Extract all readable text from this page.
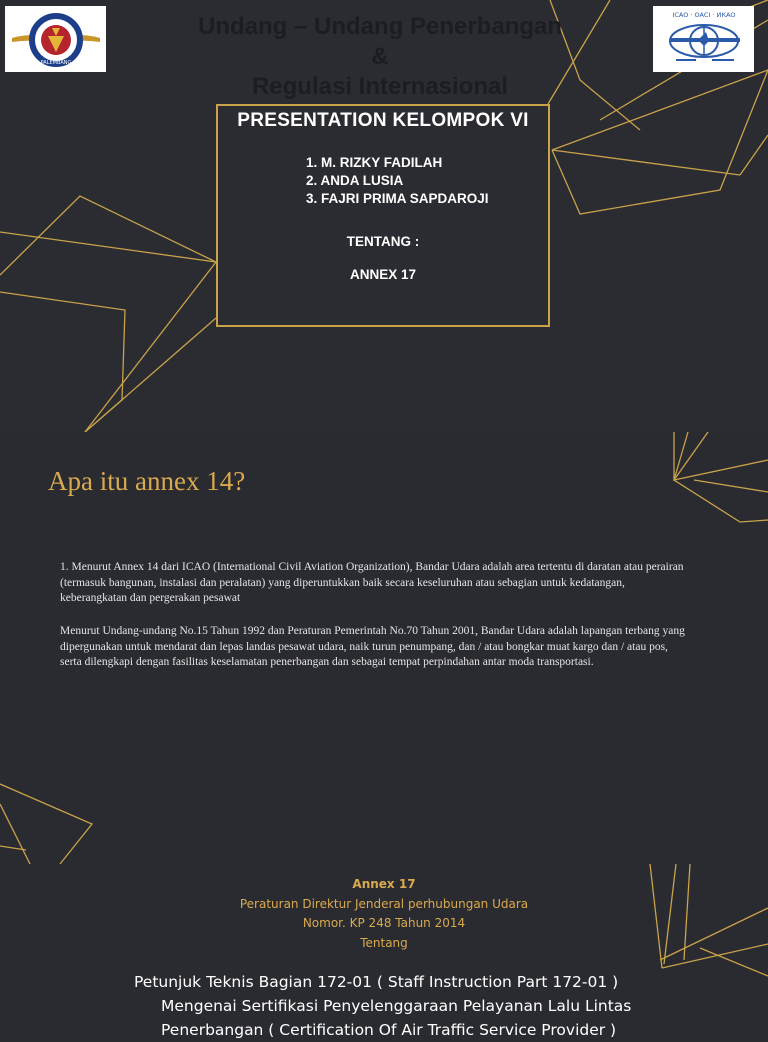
PALEMBANG
ICAO · OACI · ИКАО
Undang – Undang Penerbangan
&
Regulasi Internasional
PRESENTATION KELOMPOK VI
1. M. RIZKY FADILAH
2. ANDA LUSIA
3. FAJRI PRIMA SAPDAROJI
TENTANG :
ANNEX 17
Apa itu annex 14?

1. Menurut Annex 14 dari ICAO (International Civil Aviation Organization), Bandar Udara adalah area tertentu di daratan atau perairan (termasuk bangunan, instalasi dan peralatan) yang diperuntukkan baik secara keseluruhan atau sebagian untuk kedatangan, keberangkatan dan pergerakan pesawat

Menurut Undang-undang No.15 Tahun 1992 dan Peraturan Pemerintah No.70 Tahun 2001, Bandar Udara adalah lapangan terbang yang dipergunakan untuk mendarat dan lepas landas pesawat udara, naik turun penumpang, dan / atau bongkar muat kargo dan / atau pos, serta dilengkapi dengan fasilitas keselamatan penerbangan dan sebagai tempat perpindahan antar moda transportasi.

Annex 17
Peraturan Direktur Jenderal perhubungan Udara
Nomor. KP 248 Tahun 2014
Tentang
Petunjuk Teknis Bagian 172-01 ( Staff Instruction Part 172-01 )
Mengenai Sertifikasi Penyelenggaraan Pelayanan Lalu Lintas
Penerbangan ( Certification Of Air Traffic Service Provider )
